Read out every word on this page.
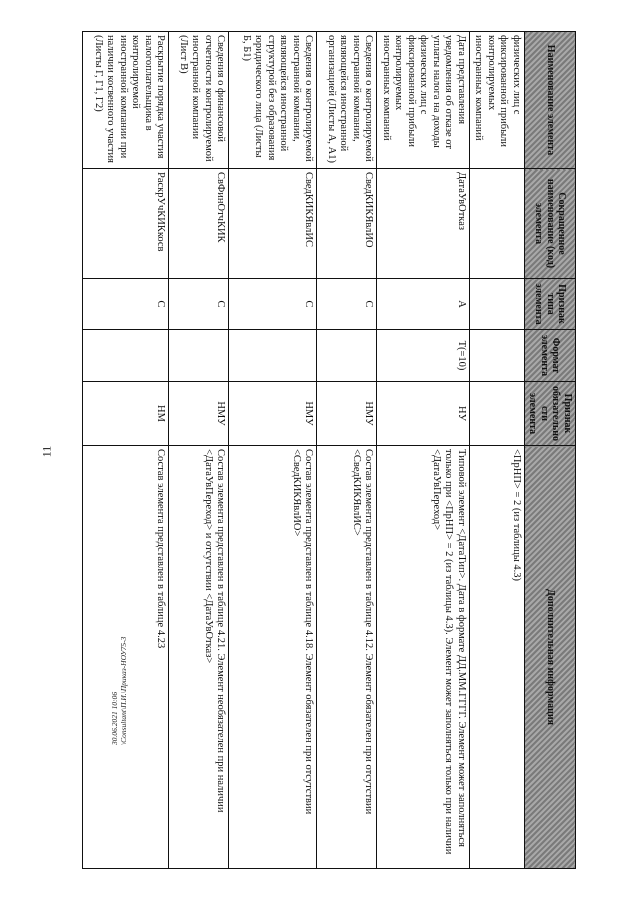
11
30.06.2021 10:06 \Consultant\П.И.\Приказ-НОУ75-3
Наименование элемента	Сокращенное наименование (код) элемента	Признак типа элемента	Формат элемента	Признак обязательности элемента	Дополнительная информация
физических лиц с фиксированной прибыли контролируемых иностранных компаний					<ПрНП> = 2 (из таблицы 4.3)
Дата представления уведомления об отказе от уплаты налога на доходы физических лиц с фиксированной прибыли контролируемых иностранных компаний	ДатаУвОтказ	А	T(=10)	НУ	Типовой элемент <ДатаТип>. Дата в формате ДД.ММ.ГГГГ. Элемент может заполняться только при <ПрНП> = 2 (из таблицы 4.3). Элемент может заполняться только при наличии <ДатаУвПереход>
Сведения о контролируемой иностранной компании, являющейся иностранной организацией (Листы А, А1)	СведКИКЯвлИО	С		НМУ	Состав элемента представлен в таблице 4.12. Элемент обязателен при отсутствии <СведКИКЯвлИС>
Сведения о контролируемой иностранной компании, являющейся иностранной структурой без образования юридического лица (Листы Б, Б1)	СведКИКЯвлИС	С		НМУ	Состав элемента представлен в таблице 4.18. Элемент обязателен при отсутствии <СведКИКЯвлИО>
Сведения о финансовой отчетности контролируемой иностранной компании (Лист В)	СвФинОтчКИК	С		НМУ	Состав элемента представлен в таблице 4.21. Элемент необязателен при наличии <ДатаУвПереход> и отсутствии <ДатаУвОтказ>
Раскрытие порядка участия налогоплательщика в контролируемой иностранной компании при наличии косвенного участия (Листы Г, Г1, Г2)	РаскрУчКИКкосв	С		НМ	Состав элемента представлен в таблице 4.23
